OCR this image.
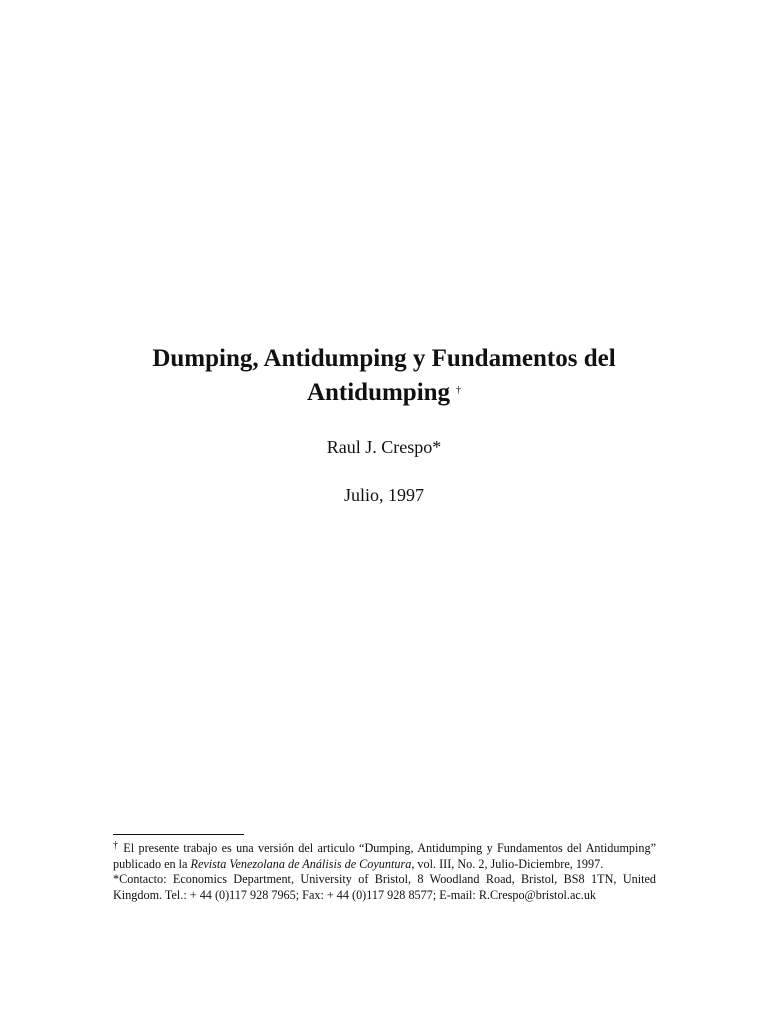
Dumping, Antidumping y Fundamentos del
Antidumping †
Raul J. Crespo*
Julio, 1997

† El presente trabajo es una versión del articulo “Dumping, Antidumping y Fundamentos del Antidumping” publicado en la Revista Venezolana de Análisis de Coyuntura, vol. III, No. 2, Julio-Diciembre, 1997.

*Contacto: Economics Department, University of Bristol, 8 Woodland Road, Bristol, BS8 1TN, United Kingdom. Tel.: + 44 (0)117 928 7965; Fax: + 44 (0)117 928 8577; E-mail: R.Crespo@bristol.ac.uk
